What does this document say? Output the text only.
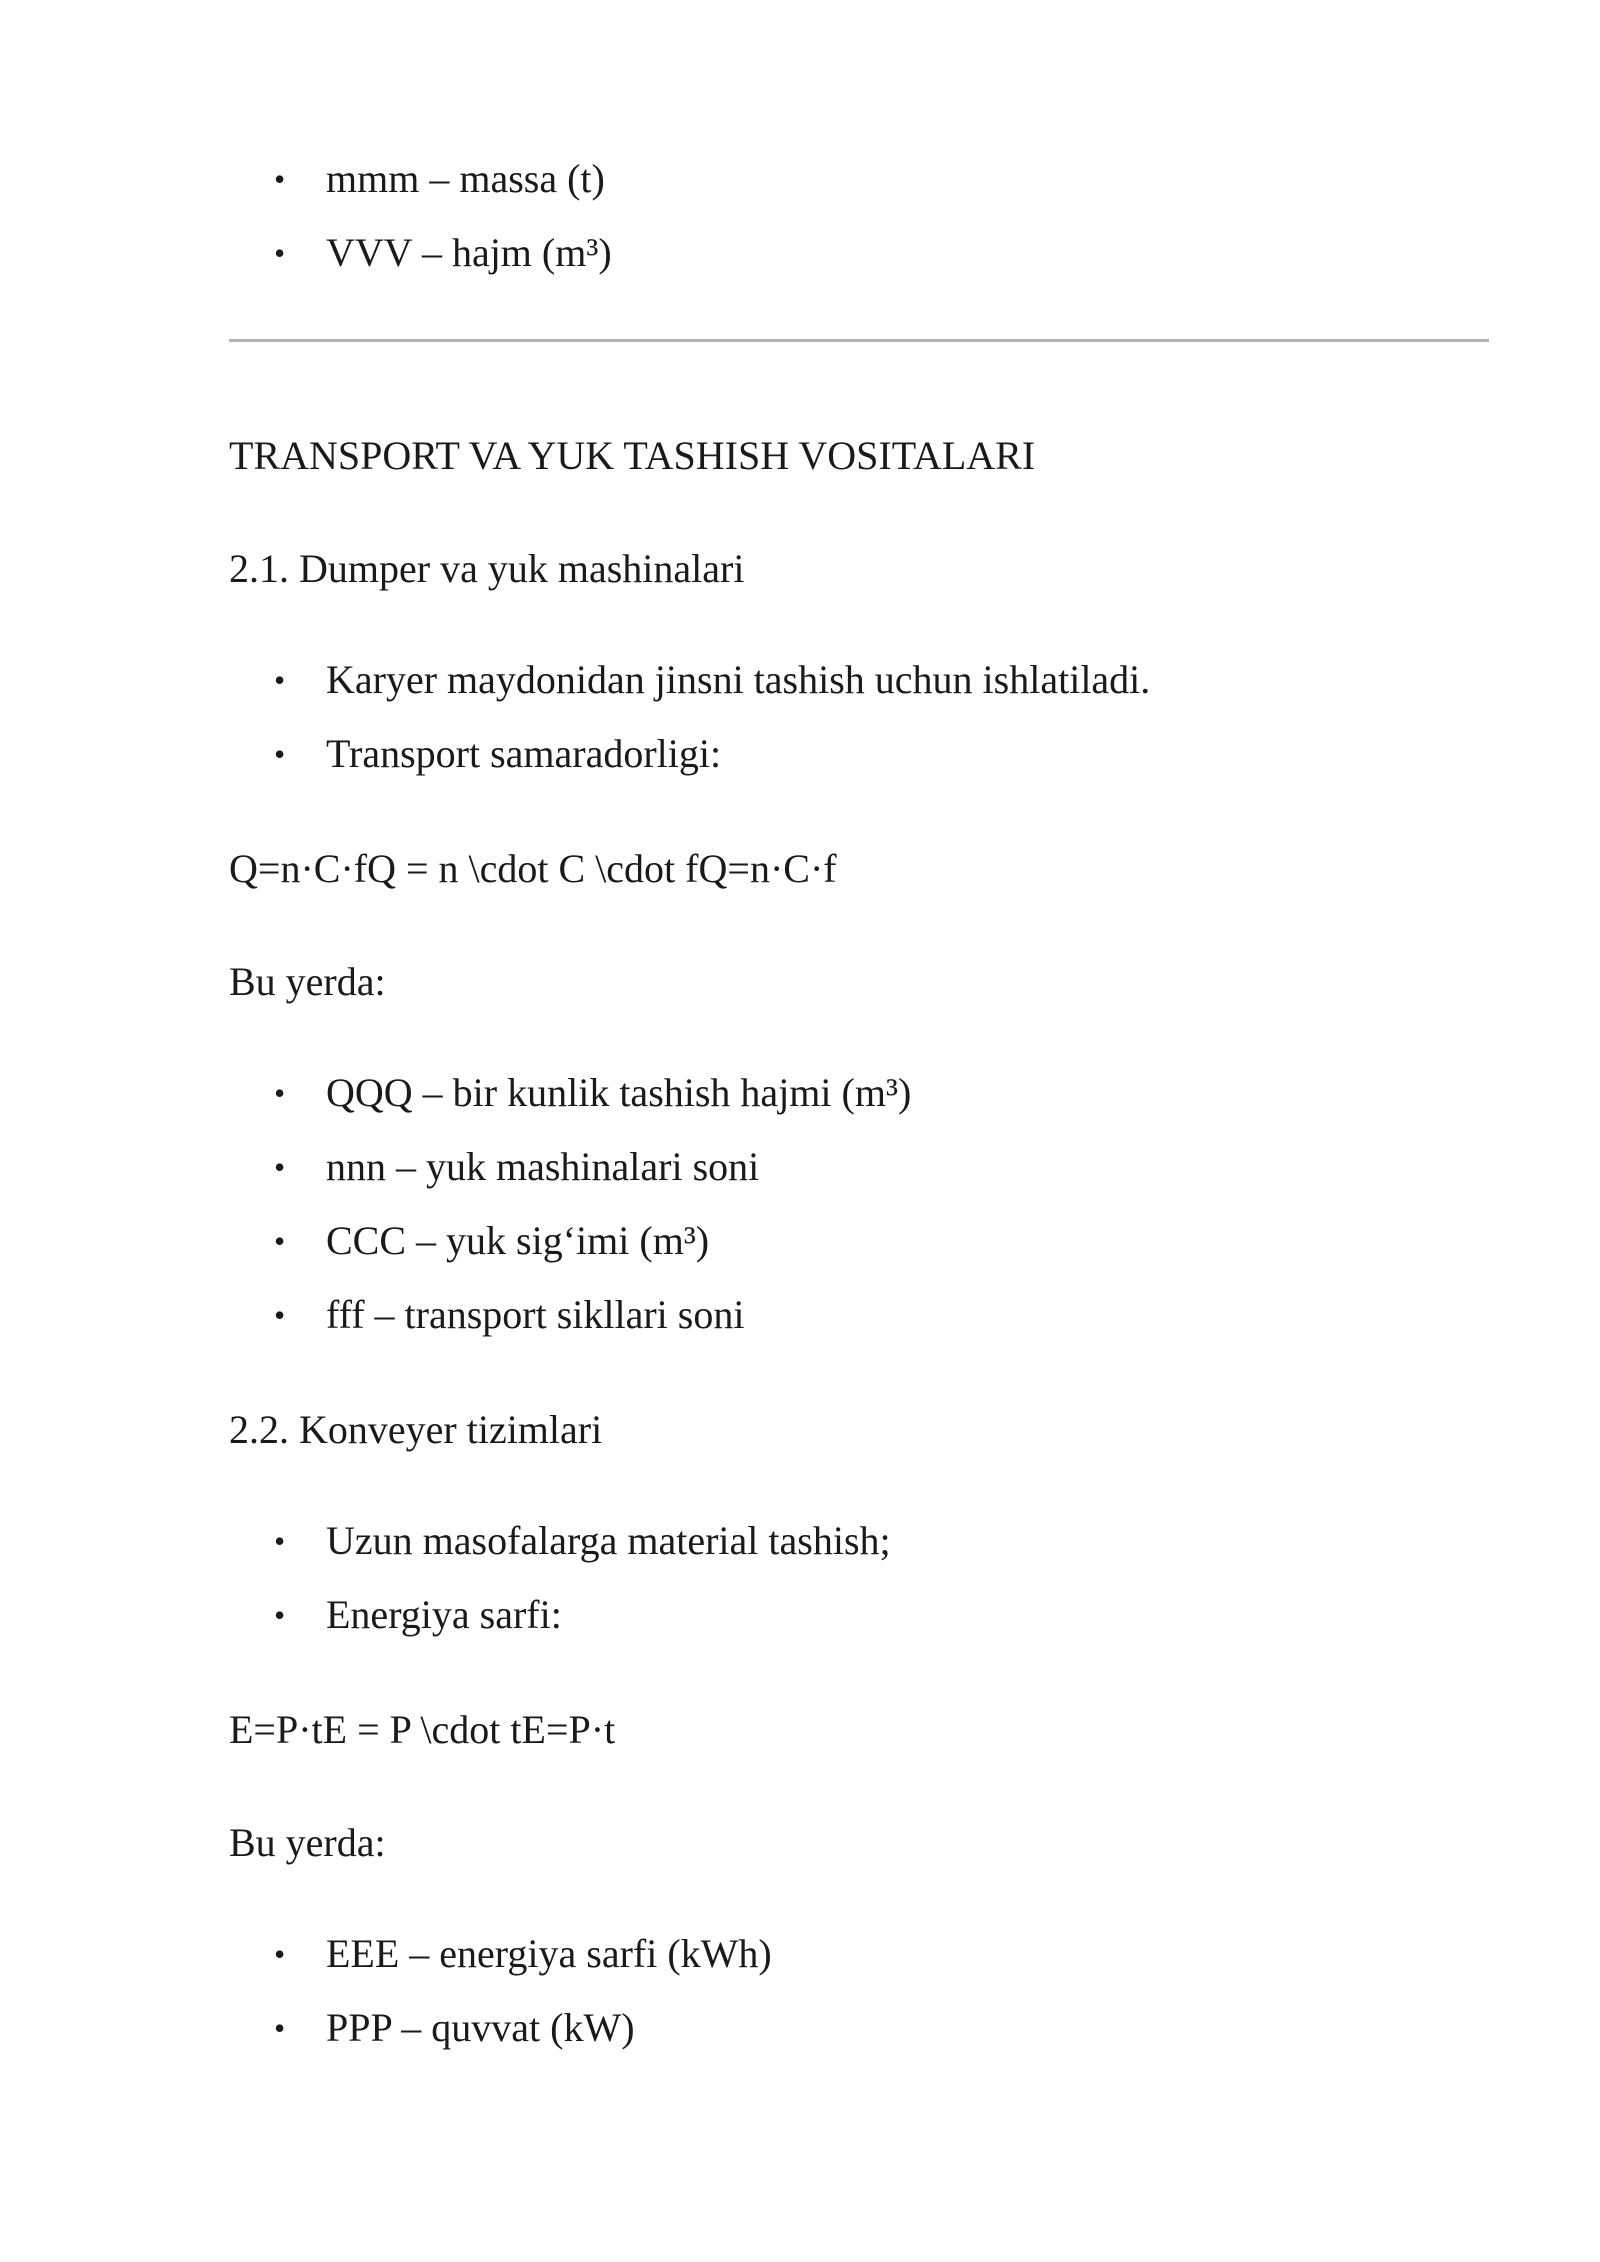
• mmm – massa (t)
• VVV – hajm (m³)
TRANSPORT VA YUK TASHISH VOSITALARI
2.1. Dumper va yuk mashinalari
• Karyer maydonidan jinsni tashish uchun ishlatiladi.
• Transport samaradorligi:
Q=n·C·fQ = n \cdot C \cdot fQ=n·C·f
Bu yerda:
• QQQ – bir kunlik tashish hajmi (m³)
• nnn – yuk mashinalari soni
• CCC – yuk sig‘imi (m³)
• fff – transport sikllari soni
2.2. Konveyer tizimlari
• Uzun masofalarga material tashish;
• Energiya sarfi:
E=P·tE = P \cdot tE=P·t
Bu yerda:
• EEE – energiya sarfi (kWh)
• PPP – quvvat (kW)
